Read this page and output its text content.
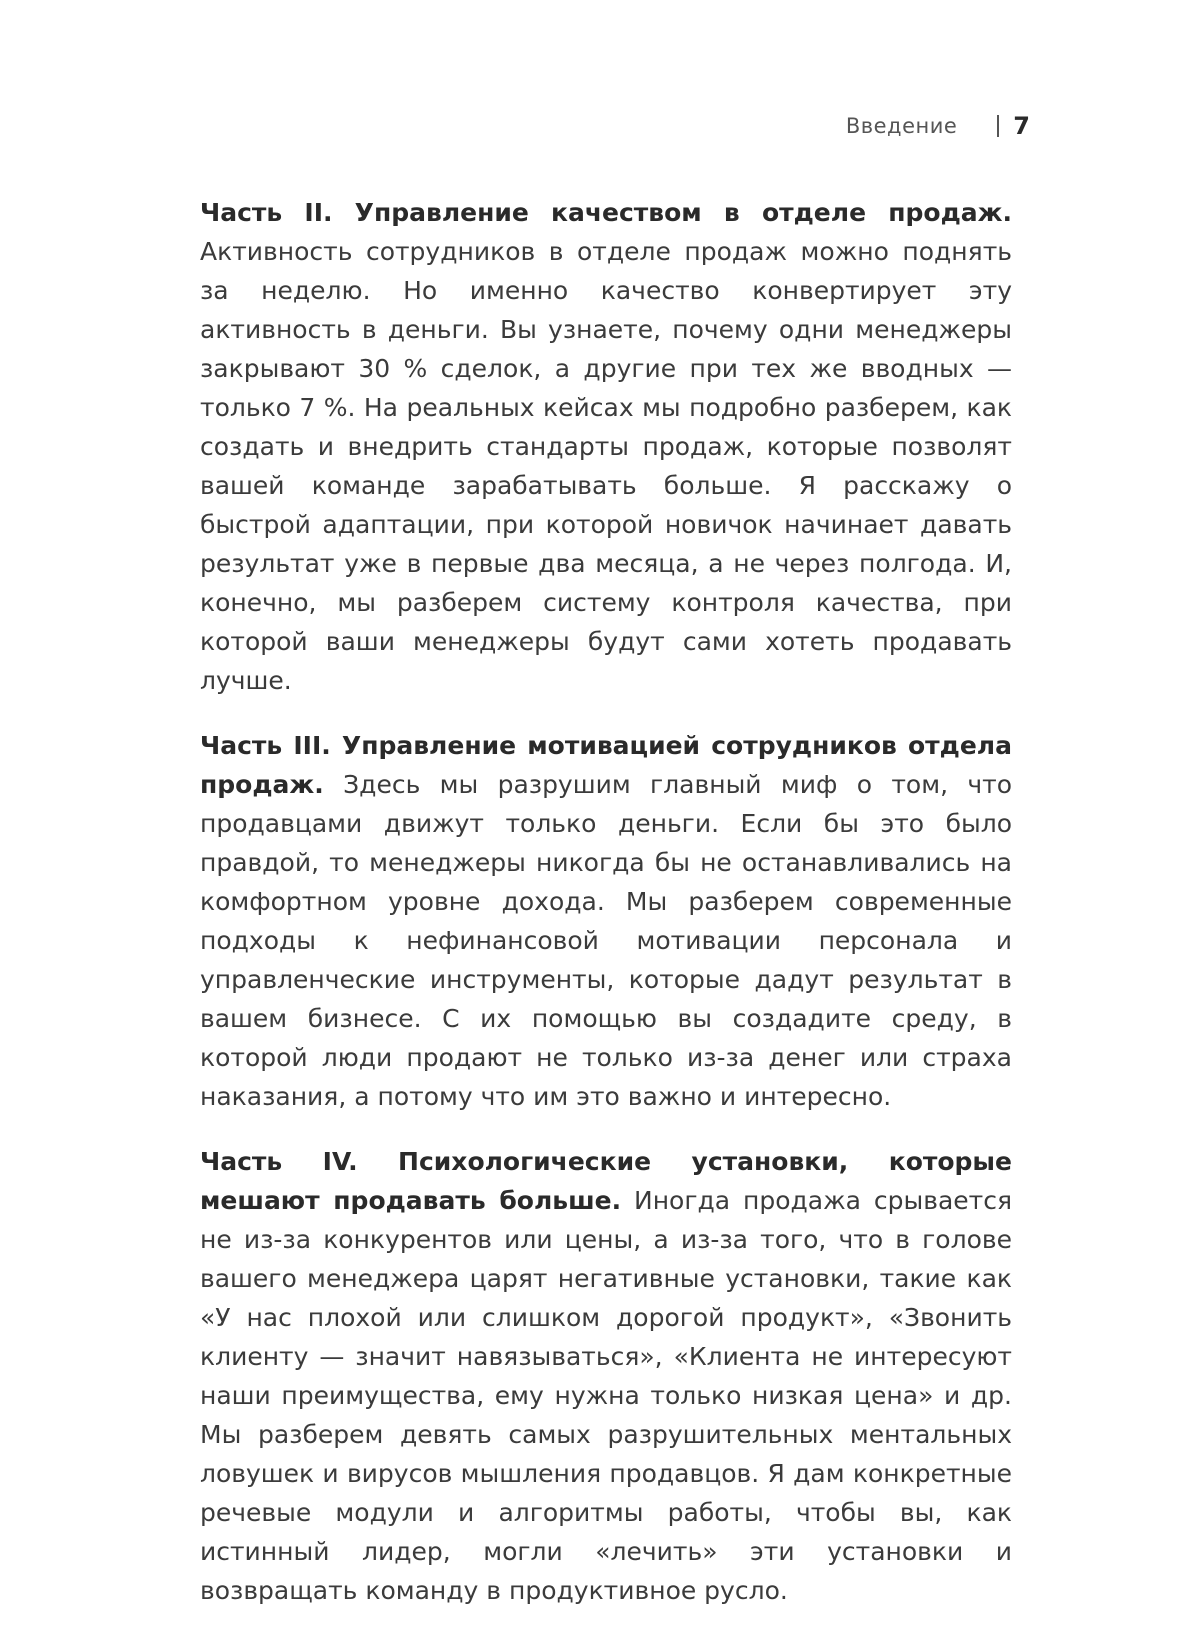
Введение 7

Часть II. Управление качеством в отделе продаж. Активность сотрудников в отделе продаж можно поднять за неделю. Но именно качество конвертирует эту активность в деньги. Вы узнаете, почему одни менеджеры закрывают 30 % сделок, а другие при тех же вводных — только 7 %. На реальных кейсах мы подробно разберем, как создать и внедрить стандарты продаж, которые позволят вашей команде зарабатывать больше. Я расскажу о быстрой адаптации, при которой новичок начинает давать результат уже в первые два месяца, а не через полгода. И, конечно, мы разберем систему контроля качества, при которой ваши менеджеры будут сами хотеть продавать лучше.

Часть III. Управление мотивацией сотрудников отдела продаж. Здесь мы разрушим главный миф о том, что продавцами движут только деньги. Если бы это было правдой, то менеджеры никогда бы не останавливались на комфортном уровне дохода. Мы разберем современные подходы к нефинансовой мотивации персонала и управленческие инструменты, которые дадут результат в вашем бизнесе. С их помощью вы создадите среду, в которой люди продают не только из-за денег или страха наказания, а потому что им это важно и интересно.

Часть IV. Психологические установки, которые мешают продавать больше. Иногда продажа срывается не из-за конкурентов или цены, а из-за того, что в голове вашего менеджера царят негативные установки, такие как «У нас плохой или слишком дорогой продукт», «Звонить клиенту — значит навязываться», «Клиента не интересуют наши преимущества, ему нужна только низкая цена» и др. Мы разберем девять самых разрушительных ментальных ловушек и вирусов мышления продавцов. Я дам конкретные речевые модули и алгоритмы работы, чтобы вы, как истинный лидер, могли «лечить» эти установки и возвращать команду в продуктивное русло.
